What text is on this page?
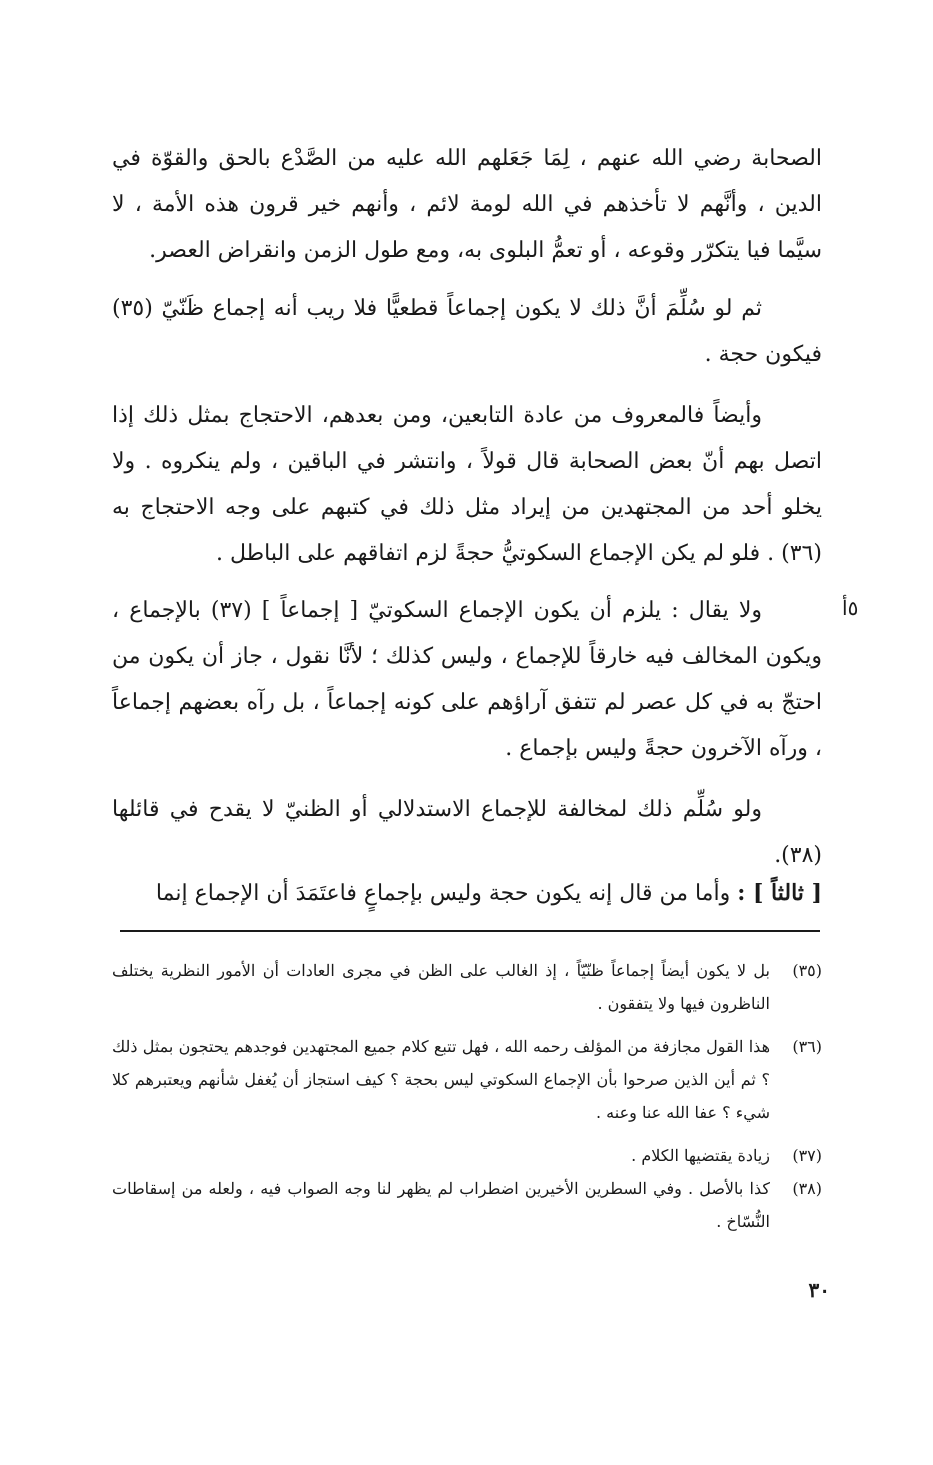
الصحابة رضي الله عنهم ، لِمَا جَعَلهم الله عليه من الصَّدْع بالحق والقوّة في الدين ، وأنَّهم لا تأخذهم في الله لومة لائم ، وأنهم خير قرون هذه الأمة ، لا سيَّما فيا يتكرّر وقوعه ، أو تعمُّ البلوى به، ومع طول الزمن وانقراض العصر.

ثم لو سُلِّمَ أنَّ ذلك لا يكون إجماعاً قطعيًّا فلا ريب أنه إجماع ظَنّيّ (٣٥) فيكون حجة .

وأيضاً فالمعروف من عادة التابعين، ومن بعدهم، الاحتجاج بمثل ذلك إذا اتصل بهم أنّ بعض الصحابة قال قولاً ، وانتشر في الباقين ، ولم ينكروه . ولا يخلو أحد من المجتهدين من إيراد مثل ذلك في كتبهم على وجه الاحتجاج به (٣٦) . فلو لم يكن الإجماع السكوتيُّ حجةً لزم اتفاقهم على الباطل .

ولا يقال : يلزم أن يكون الإجماع السكوتيّ [ إجماعاً ] (٣٧) بالإجماع ، ويكون المخالف فيه خارقاً للإجماع ، وليس كذلك ؛ لأنَّا نقول ، جاز أن يكون من احتجّ به في كل عصر لم تتفق آراؤهم على كونه إجماعاً ، بل رآه بعضهم إجماعاً ، ورآه الآخرون حجةً وليس بإجماع .

٥أ

ولو سُلِّم ذلك لمخالفة للإجماع الاستدلالي أو الظنيّ لا يقدح في قائلها (٣٨).

[ ثالثاً ] : وأما من قال إنه يكون حجة وليس بإجماعٍ فاعتَمَدَ أن الإجماع إنما

(٣٥)
بل لا يكون أيضاً إجماعاً ظنّيّاً ، إذ الغالب على الظن في مجرى العادات أن الأمور النظرية يختلف الناظرون فيها ولا يتفقون .
(٣٦)
هذا القول مجازفة من المؤلف رحمه الله ، فهل تتبع كلام جميع المجتهدين فوجدهم يحتجون بمثل ذلك ؟ ثم أين الذين صرحوا بأن الإجماع السكوتي ليس بحجة ؟ كيف استجاز أن يُغفل شأنهم ويعتبرهم كلا شيء ؟ عفا الله عنا وعنه .
(٣٧)
زيادة يقتضيها الكلام .
(٣٨)
كذا بالأصل . وفي السطرين الأخيرين اضطراب لم يظهر لنا وجه الصواب فيه ، ولعله من إسقاطات النُّسّاخ .
٣٠
